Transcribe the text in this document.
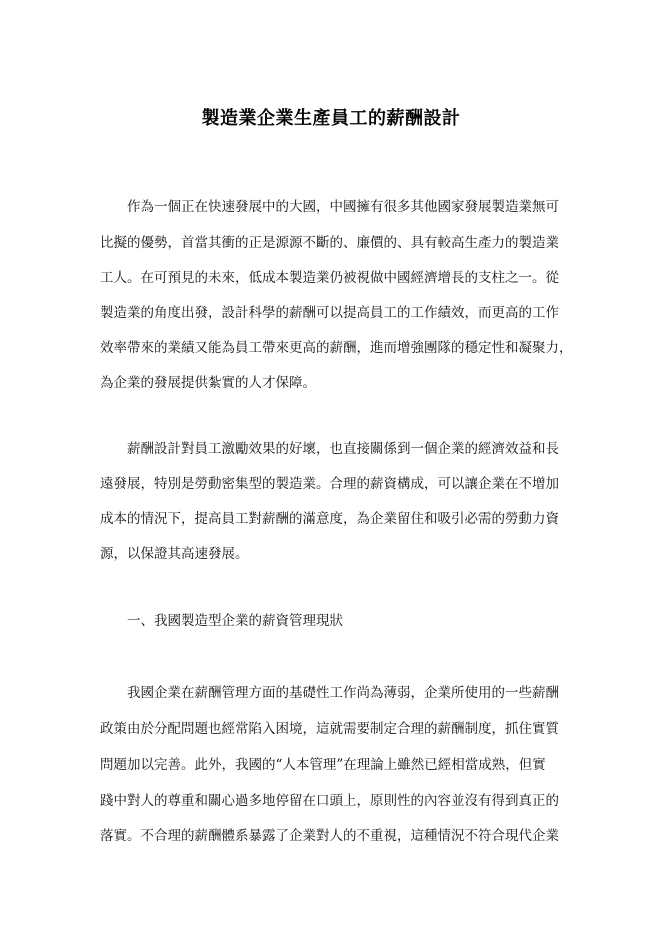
製造業企業生產員工的薪酬設計
作為一個正在快速發展中的大國，中國擁有很多其他國家發展製造業無可
比擬的優勢，首當其衝的正是源源不斷的、廉價的、具有較高生產力的製造業
工人。在可預見的未來，低成本製造業仍被視做中國經濟增長的支柱之一。從
製造業的角度出發，設計科學的薪酬可以提高員工的工作績效，而更高的工作
效率帶來的業績又能為員工帶來更高的薪酬，進而增強團隊的穩定性和凝聚力，
為企業的發展提供紮實的人才保障。
薪酬設計對員工激勵效果的好壞，也直接關係到一個企業的經濟效益和長
遠發展，特別是勞動密集型的製造業。合理的薪資構成，可以讓企業在不增加
成本的情況下，提高員工對薪酬的滿意度，為企業留住和吸引必需的勞動力資
源，以保證其高速發展。
一、我國製造型企業的薪資管理現狀
我國企業在薪酬管理方面的基礎性工作尚為薄弱，企業所使用的一些薪酬
政策由於分配問題也經常陷入困境，這就需要制定合理的薪酬制度，抓住實質
問題加以完善。此外，我國的“人本管理”在理論上雖然已經相當成熟，但實
踐中對人的尊重和關心過多地停留在口頭上，原則性的內容並沒有得到真正的
落實。不合理的薪酬體系暴露了企業對人的不重視，這種情況不符合現代企業
